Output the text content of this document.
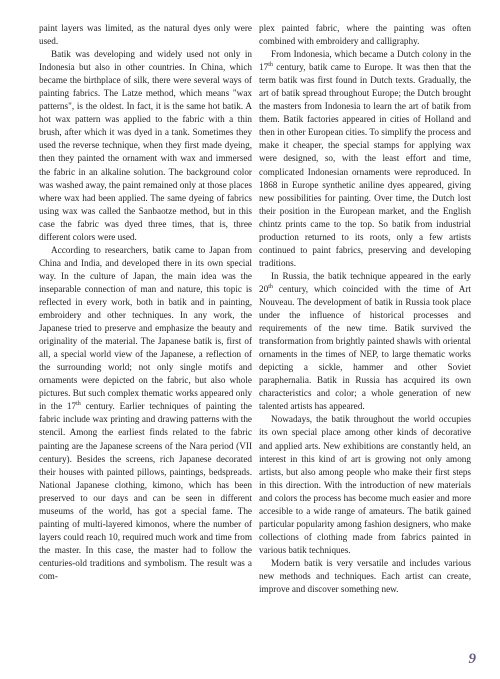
paint layers was limited, as the natural dyes only were used.

Batik was developing and widely used not only in Indonesia but also in other countries. In China, which became the birthplace of silk, there were several ways of painting fabrics. The Latze method, which means "wax patterns", is the oldest. In fact, it is the same hot batik. A hot wax pattern was applied to the fabric with a thin brush, after which it was dyed in a tank. Sometimes they used the reverse technique, when they first made dyeing, then they painted the ornament with wax and immersed the fabric in an alkaline solution. The background color was washed away, the paint remained only at those places where wax had been applied. The same dyeing of fabrics using wax was called the Sanbaotze method, but in this case the fabric was dyed three times, that is, three different colors were used.

According to researchers, batik came to Japan from China and India, and developed there in its own special way. In the culture of Japan, the main idea was the inseparable connection of man and nature, this topic is reflected in every work, both in batik and in painting, embroidery and other techniques. In any work, the Japanese tried to preserve and emphasize the beauty and originality of the material. The Japanese batik is, first of all, a special world view of the Japanese, a reflection of the surrounding world; not only single motifs and ornaments were depicted on the fabric, but also whole pictures. But such complex thematic works appeared only in the 17th century. Earlier techniques of painting the fabric include wax printing and drawing patterns with the stencil. Among the earliest finds related to the fabric painting are the Japanese screens of the Nara period (VII century). Besides the screens, rich Japanese decorated their houses with painted pillows, paintings, bedspreads. National Japanese clothing, kimono, which has been preserved to our days and can be seen in different museums of the world, has got a special fame. The painting of multi-layered kimonos, where the number of layers could reach 10, required much work and time from the master. In this case, the master had to follow the centuries-old traditions and symbolism. The result was a com-

plex painted fabric, where the painting was often combined with embroidery and calligraphy.

From Indonesia, which became a Dutch colony in the 17th century, batik came to Europe. It was then that the term batik was first found in Dutch texts. Gradually, the art of batik spread throughout Europe; the Dutch brought the masters from Indonesia to learn the art of batik from them. Batik factories appeared in cities of Holland and then in other European cities. To simplify the process and make it cheaper, the special stamps for applying wax were designed, so, with the least effort and time, complicated Indonesian ornaments were reproduced. In 1868 in Europe synthetic aniline dyes appeared, giving new possibilities for painting. Over time, the Dutch lost their position in the European market, and the English chintz prints came to the top. So batik from industrial production returned to its roots, only a few artists continued to paint fabrics, preserving and developing traditions.

In Russia, the batik technique appeared in the early 20th century, which coincided with the time of Art Nouveau. The development of batik in Russia took place under the influence of historical processes and requirements of the new time. Batik survived the transformation from brightly painted shawls with oriental ornaments in the times of NEP, to large thematic works depicting a sickle, hammer and other Soviet paraphernalia. Batik in Russia has acquired its own characteristics and color; a whole generation of new talented artists has appeared.

Nowadays, the batik throughout the world occupies its own special place among other kinds of decorative and applied arts. New exhibitions are constantly held, an interest in this kind of art is growing not only among artists, but also among people who make their first steps in this direction. With the introduction of new materials and colors the process has become much easier and more accesible to a wide range of amateurs. The batik gained particular popularity among fashion designers, who make collections of clothing made from fabrics painted in various batik techniques.

Modern batik is very versatile and includes various new methods and techniques. Each artist can create, improve and discover something new.

9
